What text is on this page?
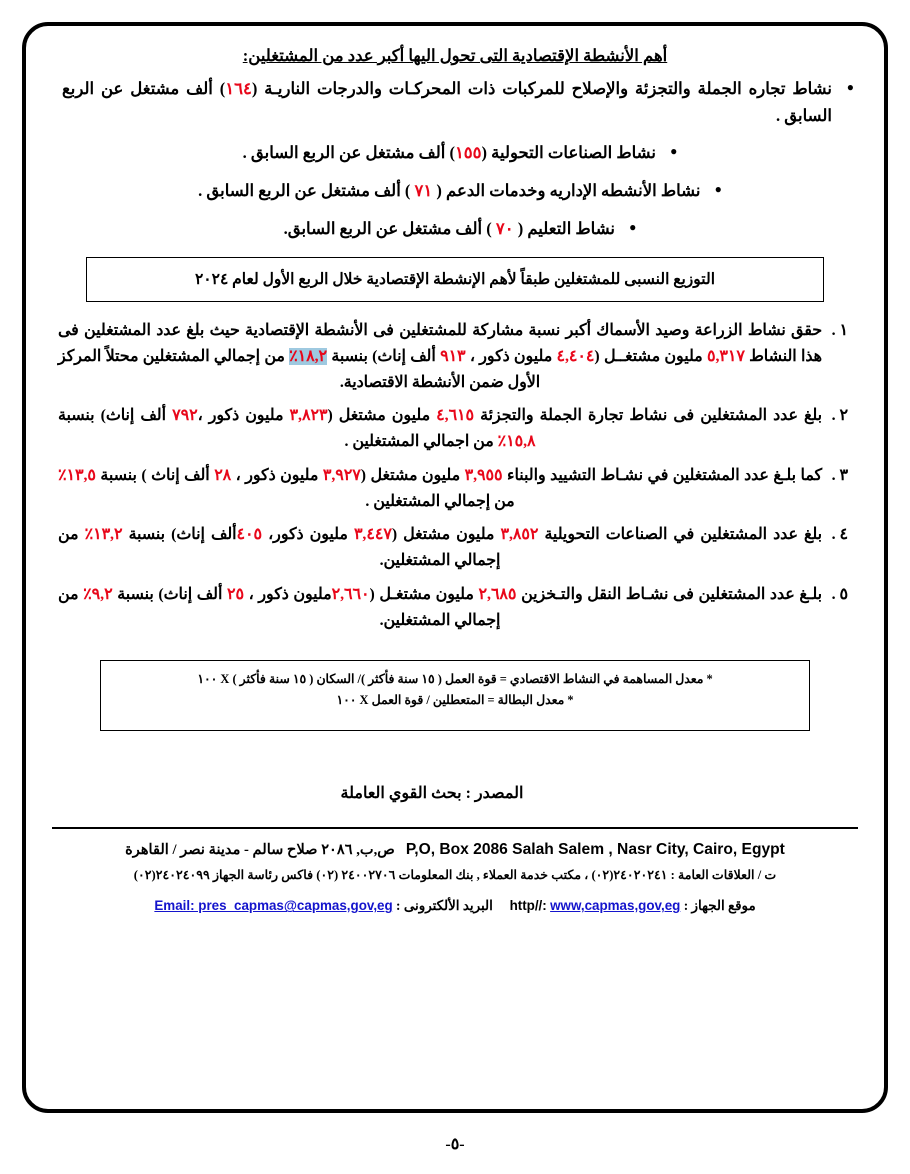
أهم الأنشطة الإقتصادية التى تحول اليها أكبر عدد من المشتغلين:
● نشاط تجاره الجملة والتجزئة والإصلاح للمركبات ذات المحركـات والدرجات الناريـة (١٦٤) ألف مشتغل عن الربع السابق .
● نشاط الصناعات التحولية (١٥٥) ألف مشتغل عن الربع السابق .
● نشاط الأنشطه الإداريه وخدمات الدعم ( ٧١ ) ألف مشتغل عن الربع السابق .
● نشاط التعليم ( ٧٠ ) ألف مشتغل عن الربع السابق.
التوزيع النسبى للمشتغلين طبقاً لأهم الإنشطة الإقتصادية خلال الربع الأول لعام ٢٠٢٤
١ .
حقق نشاط الزراعة وصيد الأسماك أكبر نسبة مشاركة للمشتغلين فى الأنشطة الإقتصادية حيث بلغ عدد المشتغلين فى هذا النشاط ٥,٣١٧ مليون مشتغــل (٤,٤٠٤ مليون ذكور ، ٩١٣ ألف إناث) بنسبة ١٨,٢٪ من إجمالي المشتغلين محتلاً المركز الأول ضمن الأنشطة الاقتصادية.
٢ .
بلغ عدد المشتغلين فى نشاط تجارة الجملة والتجزئة ٤,٦١٥ مليون مشتغل (٣,٨٢٣ مليون ذكور ،٧٩٢ ألف إناث) بنسبة ١٥,٨٪ من اجمالي المشتغلين .
٣ .
كما بلـغ عدد المشتغلين في نشـاط التشييد والبناء ٣,٩٥٥ مليون مشتغل (٣,٩٢٧ مليون ذكور ، ٢٨ ألف إناث ) بنسبة ١٣,٥٪ من إجمالي المشتغلين .
٤ .
بلغ عدد المشتغلين في الصناعات التحويلية ٣,٨٥٢ مليون مشتغل (٣,٤٤٧ مليون ذكور، ٤٠٥ألف إناث) بنسبة ١٣,٢٪ من إجمالي المشتغلين.
٥ .
بلـغ عدد المشتغلين فى نشـاط النقل والتـخزين ٢,٦٨٥ مليون مشتغـل (٢,٦٦٠مليون ذكور ، ٢٥ ألف إناث) بنسبة ٩,٢٪ من إجمالي المشتغلين.
* معدل المساهمة في النشاط الاقتصادي = قوة العمل ( ١٥ سنة فأكثر )/ السكان ( ١٥ سنة فأكثر ) X ١٠٠
* معدل البطالة = المتعطلين / قوة العمل X ١٠٠
المصدر : بحث القوي العاملة
P,O, Box 2086 Salah Salem , Nasr City, Cairo, Egypt   ص,ب, ٢٠٨٦ صلاح سالم - مدينة نصر / القاهرة
ت / العلاقات العامة : ٢٤٠٢٠٢٤١(٠٢) ، مكتب خدمة العملاء , بنك المعلومات ٢٤٠٠٢٧٠٦ (٠٢) فاكس رئاسة الجهاز ٢٤٠٢٤٠٩٩(٠٢)
موقع الجهاز : http//: www,capmas,gov,eg     البريد الألكترونى : Email: pres_capmas@capmas,gov,eg
-٥-
